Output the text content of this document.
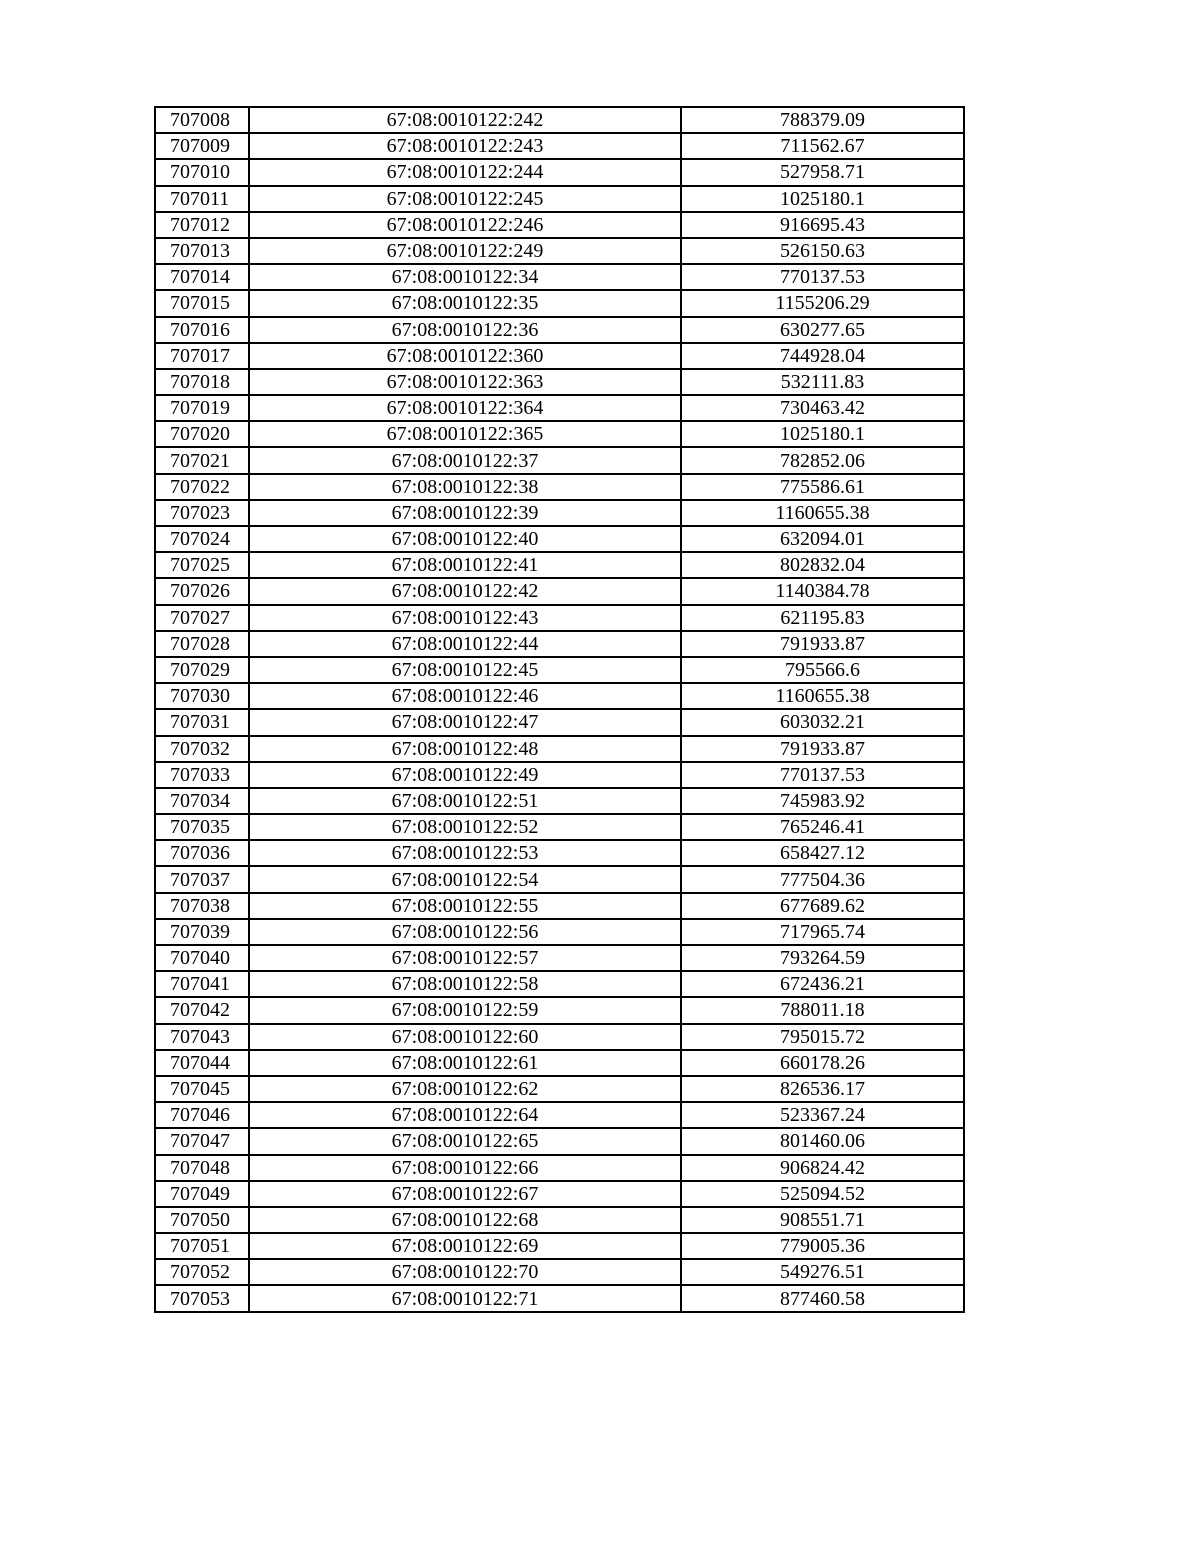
707008	67:08:0010122:242	788379.09
707009	67:08:0010122:243	711562.67
707010	67:08:0010122:244	527958.71
707011	67:08:0010122:245	1025180.1
707012	67:08:0010122:246	916695.43
707013	67:08:0010122:249	526150.63
707014	67:08:0010122:34	770137.53
707015	67:08:0010122:35	1155206.29
707016	67:08:0010122:36	630277.65
707017	67:08:0010122:360	744928.04
707018	67:08:0010122:363	532111.83
707019	67:08:0010122:364	730463.42
707020	67:08:0010122:365	1025180.1
707021	67:08:0010122:37	782852.06
707022	67:08:0010122:38	775586.61
707023	67:08:0010122:39	1160655.38
707024	67:08:0010122:40	632094.01
707025	67:08:0010122:41	802832.04
707026	67:08:0010122:42	1140384.78
707027	67:08:0010122:43	621195.83
707028	67:08:0010122:44	791933.87
707029	67:08:0010122:45	795566.6
707030	67:08:0010122:46	1160655.38
707031	67:08:0010122:47	603032.21
707032	67:08:0010122:48	791933.87
707033	67:08:0010122:49	770137.53
707034	67:08:0010122:51	745983.92
707035	67:08:0010122:52	765246.41
707036	67:08:0010122:53	658427.12
707037	67:08:0010122:54	777504.36
707038	67:08:0010122:55	677689.62
707039	67:08:0010122:56	717965.74
707040	67:08:0010122:57	793264.59
707041	67:08:0010122:58	672436.21
707042	67:08:0010122:59	788011.18
707043	67:08:0010122:60	795015.72
707044	67:08:0010122:61	660178.26
707045	67:08:0010122:62	826536.17
707046	67:08:0010122:64	523367.24
707047	67:08:0010122:65	801460.06
707048	67:08:0010122:66	906824.42
707049	67:08:0010122:67	525094.52
707050	67:08:0010122:68	908551.71
707051	67:08:0010122:69	779005.36
707052	67:08:0010122:70	549276.51
707053	67:08:0010122:71	877460.58
